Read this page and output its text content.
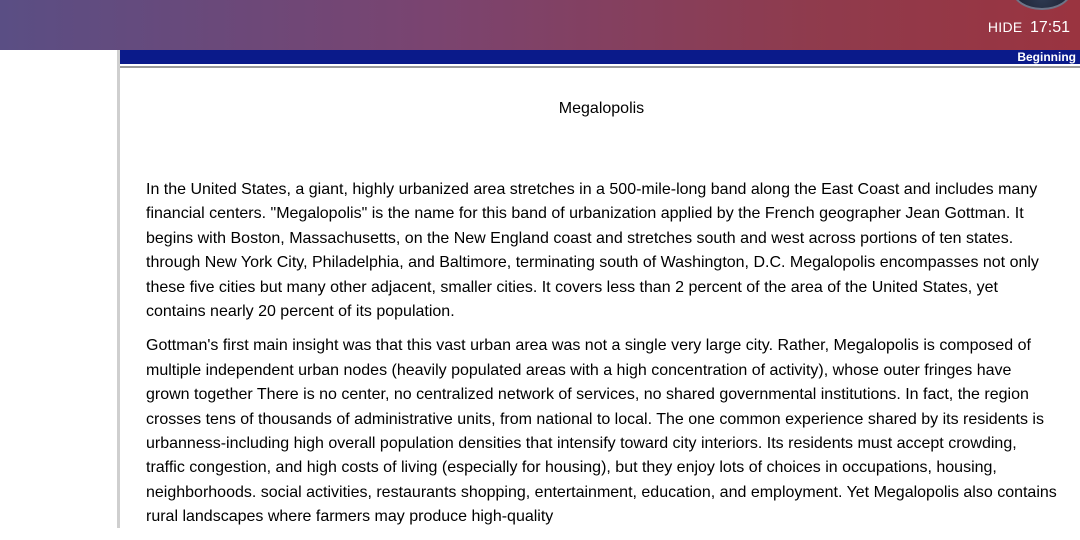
HIDE 17:51
Beginning
Megalopolis

In the United States, a giant, highly urbanized area stretches in a 500-mile-long band along the East Coast and includes many financial centers. "Megalopolis" is the name for this band of urbanization applied by the French geographer Jean Gottman. It begins with Boston, Massachusetts, on the New England coast and stretches south and west across portions of ten states. through New York City, Philadelphia, and Baltimore, terminating south of Washington, D.C. Megalopolis encompasses not only these five cities but many other adjacent, smaller cities. It covers less than 2 percent of the area of the United States, yet contains nearly 20 percent of its population.

Gottman's first main insight was that this vast urban area was not a single very large city. Rather, Megalopolis is composed of multiple independent urban nodes (heavily populated areas with a high concentration of activity), whose outer fringes have grown together There is no center, no centralized network of services, no shared governmental institutions. In fact, the region crosses tens of thousands of administrative units, from national to local. The one common experience shared by its residents is urbanness-including high overall population densities that intensify toward city interiors. Its residents must accept crowding, traffic congestion, and high costs of living (especially for housing), but they enjoy lots of choices in occupations, housing, neighborhoods. social activities, restaurants shopping, entertainment, education, and employment. Yet Megalopolis also contains rural landscapes where farmers may produce high-quality
